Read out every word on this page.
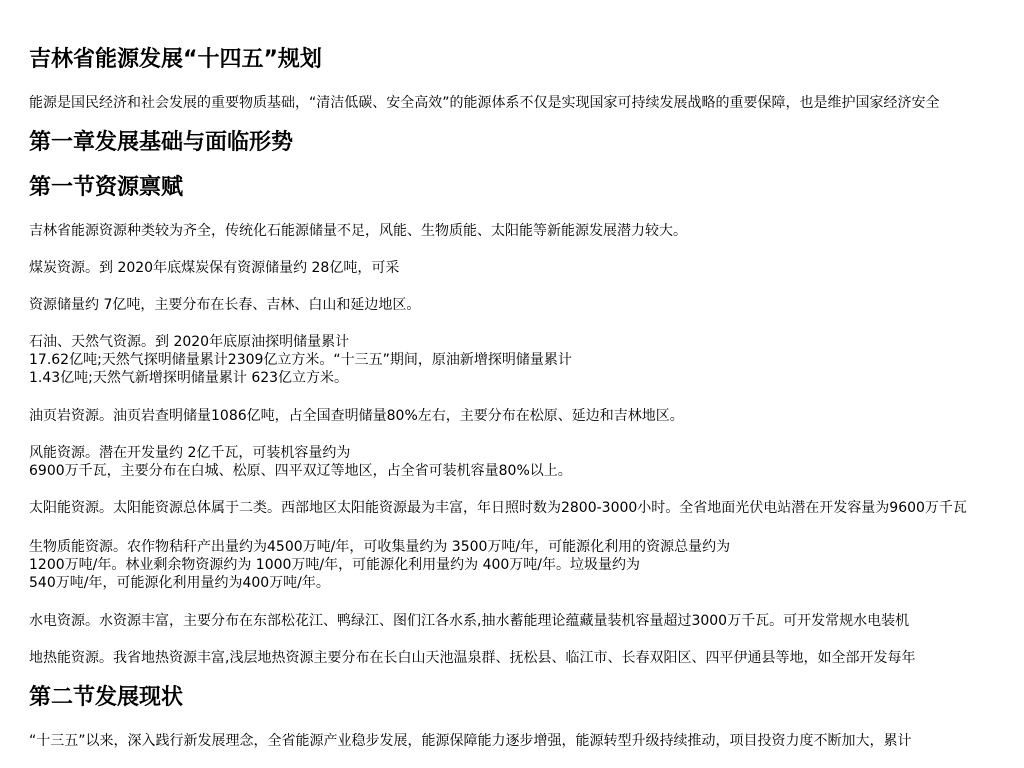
吉林省能源发展“十四五”规划
能源是国民经济和社会发展的重要物质基础，“清洁低碳、安全高效”的能源体系不仅是实现国家可持续发展战略的重要保障，也是维护国家经济安全
第一章发展基础与面临形势
第一节资源禀赋
吉林省能源资源种类较为齐全，传统化石能源储量不足，风能、生物质能、太阳能等新能源发展潜力较大。
煤炭资源。到 2020年底煤炭保有资源储量约 28亿吨，可采
资源储量约 7亿吨，主要分布在长春、吉林、白山和延边地区。
石油、天然气资源。到 2020年底原油探明储量累计
17.62亿吨;天然气探明储量累计2309亿立方米。“十三五”期间，原油新增探明储量累计
1.43亿吨;天然气新增探明储量累计 623亿立方米。
油页岩资源。油页岩查明储量1086亿吨，占全国查明储量80%左右，主要分布在松原、延边和吉林地区。
风能资源。潜在开发量约 2亿千瓦，可装机容量约为
6900万千瓦，主要分布在白城、松原、四平双辽等地区，占全省可装机容量80%以上。
太阳能资源。太阳能资源总体属于二类。西部地区太阳能资源最为丰富，年日照时数为2800-3000小时。全省地面光伏电站潜在开发容量为9600万千瓦
生物质能资源。农作物秸秆产出量约为4500万吨/年，可收集量约为 3500万吨/年，可能源化利用的资源总量约为
1200万吨/年。林业剩余物资源约为 1000万吨/年，可能源化利用量约为 400万吨/年。垃圾量约为
540万吨/年，可能源化利用量约为400万吨/年。
水电资源。水资源丰富，主要分布在东部松花江、鸭绿江、图们江各水系,抽水蓄能理论蕴藏量装机容量超过3000万千瓦。可开发常规水电装机
地热能资源。我省地热资源丰富,浅层地热资源主要分布在长白山天池温泉群、抚松县、临江市、长春双阳区、四平伊通县等地，如全部开发每年
第二节发展现状
“十三五”以来，深入践行新发展理念，全省能源产业稳步发展，能源保障能力逐步增强，能源转型升级持续推动，项目投资力度不断加大，累计
